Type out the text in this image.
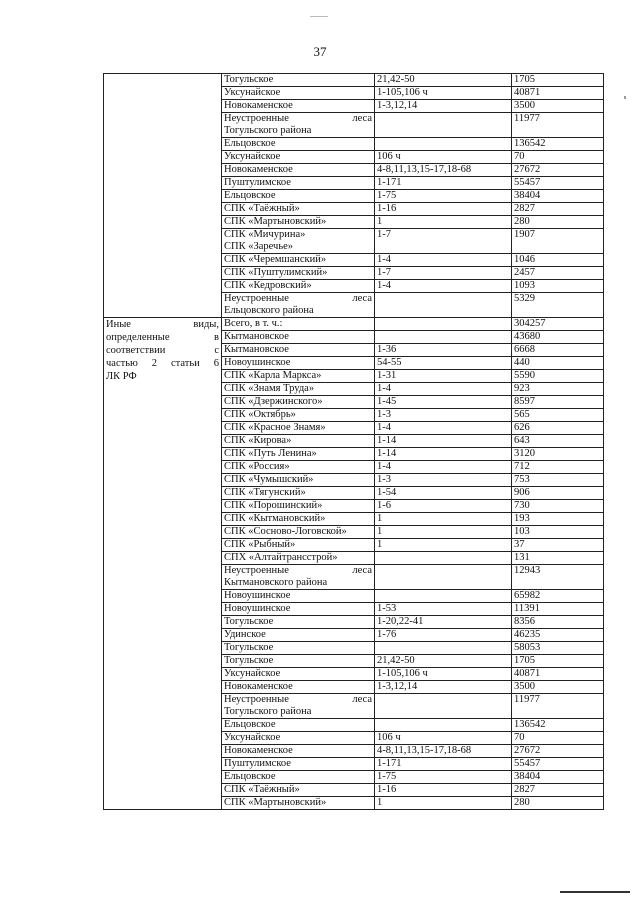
37
	Тогульское	21,42-50	1705
	Уксунайское	1-105,106 ч	40871
	Новокаменское	1-3,12,14	3500

	Неустроенные леса
Тогульского района		11977
	Ельцовское		136542
	Уксунайское	106 ч	70
	Новокаменское	4-8,11,13,15-17,18-68	27672
	Пуштулимское	1-171	55457
	Ельцовское	1-75	38404
	СПК «Таёжный»	1-16	2827
	СПК «Мартыновский»	1	280

	СПК «Мичурина»
СПК «Заречье»	1-7	1907
	СПК «Черемшанский»	1-4	1046
	СПК «Пуштулимский»	1-7	2457
	СПК «Кедровский»	1-4	1093

	Неустроенные леса
Ельцовского района		5329

Иные виды,
определенные в
соответствии с
частью 2 статьи 6
ЛК РФ	Всего, в т. ч.:		304257
	Кытмановское		43680
	Кытмановское	1-36	6668
	Новоушинское	54-55	440
	СПК «Карла Маркса»	1-31	5590
	СПК «Знамя Труда»	1-4	923
	СПК «Дзержинского»	1-45	8597
	СПК «Октябрь»	1-3	565
	СПК «Красное Знамя»	1-4	626
	СПК «Кирова»	1-14	643
	СПК «Путь Ленина»	1-14	3120
	СПК «Россия»	1-4	712
	СПК «Чумышский»	1-3	753
	СПК «Тягунский»	1-54	906
	СПК «Порошинский»	1-6	730
	СПК «Кытмановский»	1	193
	СПК «Сосново-Логовской»	1	103
	СПК «Рыбный»	1	37
	СПХ «Алтайтрансстрой»		131

	Неустроенные леса
Кытмановского района		12943
	Новоушинское		65982
	Новоушинское	1-53	11391
	Тогульское	1-20,22-41	8356
	Удинское	1-76	46235
	Тогульское		58053
	Тогульское	21,42-50	1705
	Уксунайское	1-105,106 ч	40871
	Новокаменское	1-3,12,14	3500

	Неустроенные леса
Тогульского района		11977
	Ельцовское		136542
	Уксунайское	106 ч	70
	Новокаменское	4-8,11,13,15-17,18-68	27672
	Пуштулимское	1-171	55457
	Ельцовское	1-75	38404
	СПК «Таёжный»	1-16	2827
	СПК «Мартыновский»	1	280
